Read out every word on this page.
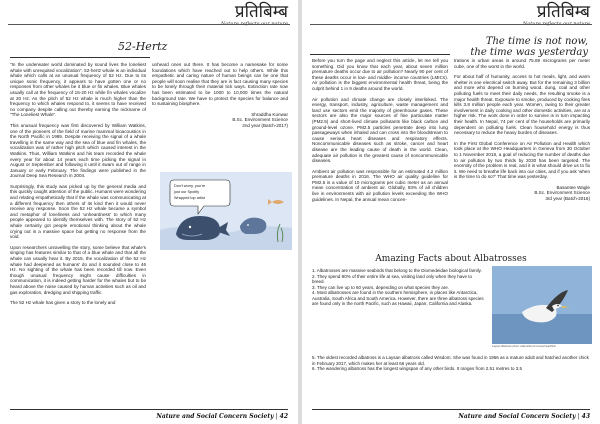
प्रतिबिम्ब
52-Hertz

"In the underwater world dominated by sound lives the loneliest whale with unrequited vocalization". 52-hertz whale is an individual whale which calls at an unusual frequency of 52 Hz. Due to its unique sonic frequency, it appears to have gotten one or no responses from other whales be it blue or fin whales. Blue whales usually call at the frequency of 15-20 Hz while fin whales vocalize at 20 Hz. As the pitch of 52 Hz whale is much higher than the frequency to which whales respond to, it seems to have received no company despite calling out thereby earning the nickname of "The Loneliest Whale".

This unusual frequency was first discovered by William Watkins, one of the pioneers of the field of marine mammal bioacoustics in the North Pacific in 1989. Despite receiving the signal of a whale travelling in the same way and the sea of blue and fin whales, the vocalization was of rather high pitch which caused interest in the Watkins. Thus, William Watkins and his team recorded the whale every year for about 14 years each time picking the signal in August or September and following it until it swam out of range in January or early February. The findings were published in the Journal Deep Sea Research in 2004.

Surprisingly, this study was picked up by the general media and this quickly caught attention of the public. Humans were wondering and relating empathetically that if the whale was communicating at a different frequency then others of its kind then it would never receive any response. Soon the 52 Hz whale became a symbol and metaphor of loneliness and 'unheardness' to which many people appeared to identify themselves with. The story of 52 Hz whale certainly got people emotional thinking about the whale crying out in a massive space but getting no response from the void.

Upon researchers unravelling the story, some believe that whale's singing has features similar to that of a blue whale and that all the whale can usually hear it. By 2015, the vocalization of the 52 Hz whale had deepened as humans' do and it sounded close to 46 Hz. No sighting of the whale has been recorded till now. Even though unusual frequency might cause difficulties in communication, it is indeed getting harder for the whales but to be heard above the noise caused by human activities such as oil and gas exploration, dredging and shipping traffic.

The 52 Hz whale has given a story to the lonely and

unheard ones out there. It has become a namesake for some foundations which have reached out to help others. While this empathetic and caring nature of human beings can be one that people will soon realise that they are in fact causing many species to be lonely through their material tick ways. Extinction rate now has been estimated to be 1000 to 10,000 times the natural background rate. We have to protect the species for balance and to sustaining biosphere.

Shraddha Kunwar
B.Sc. Environment Science
2nd year (Batch-2017)
Don't worry, you're just our Spotify Wrapped top artist
Nature and Social Concern Society | 42
प्रतिबिम्ब
The time is not now,
the time was yesterday

Before you turn the page and neglect this article, let me tell you something. Did you know that each year, about seven million premature deaths occur due to air pollution? Nearly 90 per cent of these deaths occur in low- and middle- income countries (LMICs). Air pollution is the biggest environmental health threat, being the culprit behind 1 in 9 deaths around the world.

Air pollution and climate change are closely interlinked. The energy, transport, industry, agriculture, waste management and land use sectors emit the majority of greenhouse gases. These sectors are also the major sources of fine particulate matter (PM2.5) and short-lived climate pollutants like black carbon and ground-level ozone. PM2.5 particles penetrate deep into lung passageways when inhaled and can cross into the bloodstream to cause serious heart diseases and respiratory effects. Noncommunicable diseases such as stroke, cancer and heart disease are the leading cause of death in the world. Clean, adequate air pollution is the greatest cause of noncommunicable diseases.

Ambient air pollution was responsible for an estimated 4.2 million premature deaths in 2016. The WHO air quality guideline for PM2.5 is a value of 10 micrograms per cubic meter as an annual mean concentration of ambient air. Globally, 93% of all children live in environments with air pollution levels exceeding the WHO guidelines. In Nepal, the annual mean concen-

trations in urban areas is around 75.69 micrograms per meter cube, one of the worst in the world.

For about half of humanity, access to hot meals, light, and warm shelter is one electrical switch away. But for the remaining 3 billion and more who depend on burning wood, dung, coal and other polluting fuels to meet their daily needs, the resulting smoke is a major health threat. Exposure to smoke, produced by cooking fires kills 3.8 million people each year. Women, owing to their greater involvement in daily cooking and other domestic activities, are at a higher risk. The work done in order to survive is in turn impacting their health. In Nepal, 74 per cent of the households are primarily dependent on polluting fuels. Clean household energy is thus necessary to reduce the heavy burden of diseases.

In the First Global Conference on Air Pollution and Health which took place at the WHO Headquarters in Geneva from 30 October to 1 November 2018, a goal of reducing the number of deaths due to air pollution by two thirds by 2030 has been targeted. The enormity of the problem is real, and it is what should drive us to fix it. We need to breathe life back into our cities, and if you ask 'when is the time to do so?' That time was yesterday.

Basantee Wagle
B.Sc. Environment Science
3rd year (Batch-2016)
Amazing Facts about Albatrosses
1. Albatrosses are massive seabirds that belong to the Diomedeidae biological family.
2. They spend 80% of their entire life at sea, visiting land only when they have to breed.
3. They can live up to 60 years, depending on what species they are.
4. Most albatrosses are found in the southern hemisphere, in places like Antarctica, Australia, South Africa and South America. However, there are three albatross species are found only in the north Pacific, such as Hawaii, Japan, California and Alaska.
5. The oldest recorded albatross is a Laysan albatross called Wisdom. She was found in 1956 as a mature adult and hatched another chick in February 2017, which makes her at least 66 years old.
6. The wandering albatross has the longest wingspan of any other birds. It ranges from 2.51 metres to 3.5
Laysan albatross photo: wikimedia commons/nsqc/flickr
Nature and Social Concern Society | 43
